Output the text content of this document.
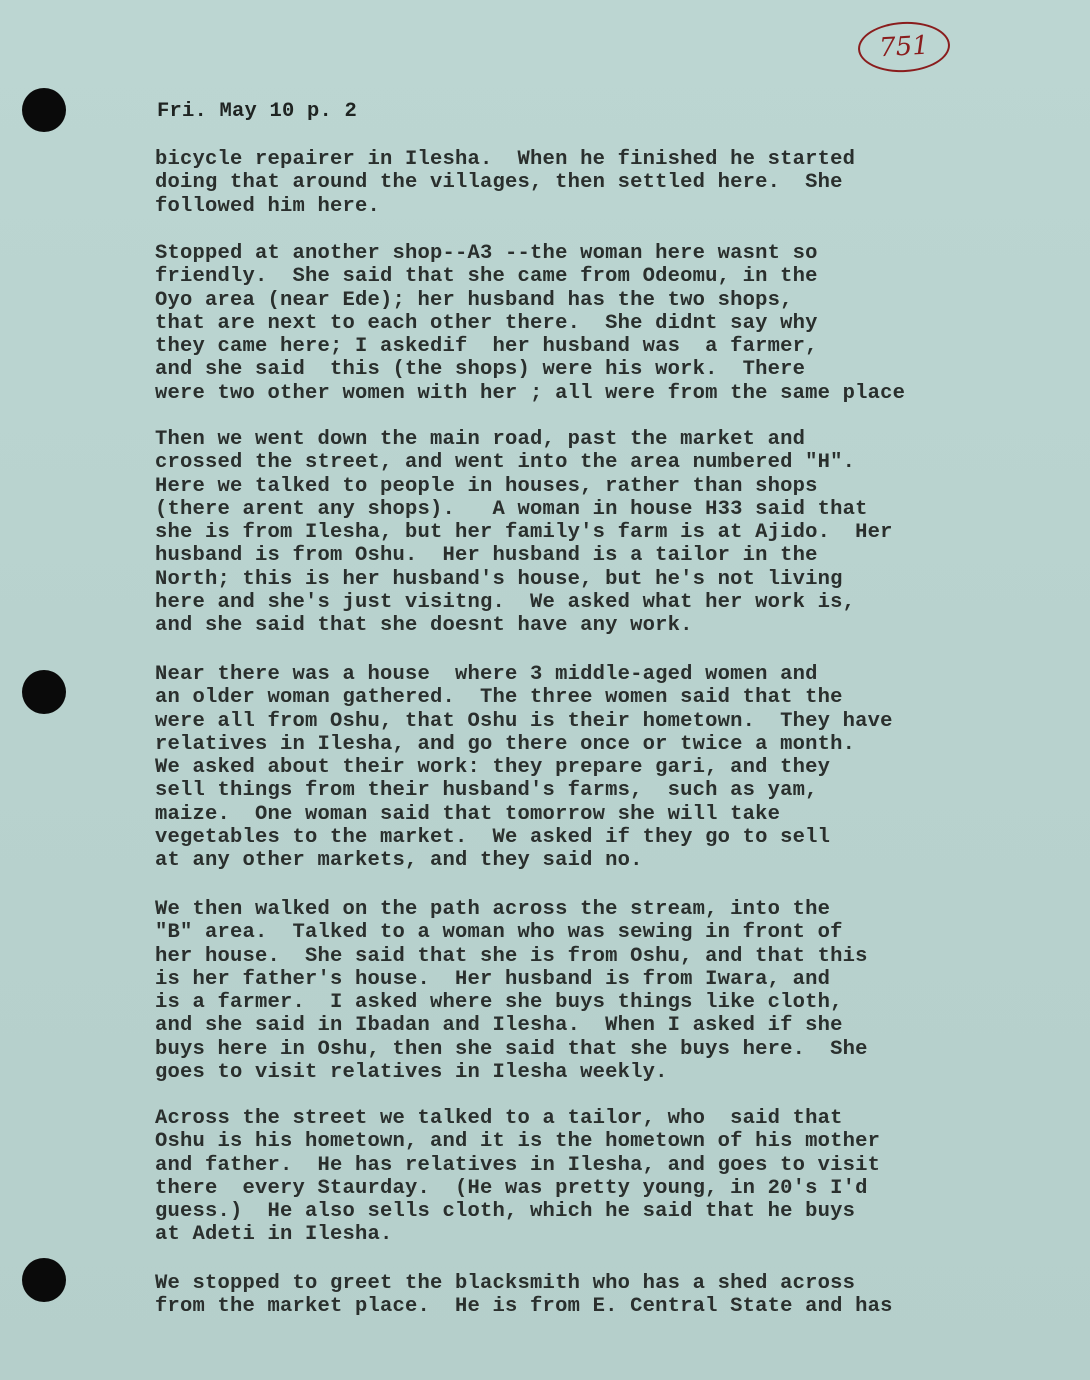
751
Fri. May 10 p. 2
bicycle repairer in Ilesha.  When he finished he started
doing that around the villages, then settled here.  She
followed him here.
Stopped at another shop--A3 --the woman here wasnt so
friendly.  She said that she came from Odeomu, in the
Oyo area (near Ede); her husband has the two shops,
that are next to each other there.  She didnt say why
they came here; I askedif  her husband was  a farmer,
and she said  this (the shops) were his work.  There
were two other women with her ; all were from the same place
Then we went down the main road, past the market and
crossed the street, and went into the area numbered "H".
Here we talked to people in houses, rather than shops
(there arent any shops).   A woman in house H33 said that
she is from Ilesha, but her family's farm is at Ajido.  Her
husband is from Oshu.  Her husband is a tailor in the
North; this is her husband's house, but he's not living
here and she's just visitng.  We asked what her work is,
and she said that she doesnt have any work.
Near there was a house  where 3 middle-aged women and
an older woman gathered.  The three women said that the
were all from Oshu, that Oshu is their hometown.  They have
relatives in Ilesha, and go there once or twice a month.
We asked about their work: they prepare gari, and they
sell things from their husband's farms,  such as yam,
maize.  One woman said that tomorrow she will take
vegetables to the market.  We asked if they go to sell
at any other markets, and they said no.
We then walked on the path across the stream, into the
"B" area.  Talked to a woman who was sewing in front of
her house.  She said that she is from Oshu, and that this
is her father's house.  Her husband is from Iwara, and
is a farmer.  I asked where she buys things like cloth,
and she said in Ibadan and Ilesha.  When I asked if she
buys here in Oshu, then she said that she buys here.  She
goes to visit relatives in Ilesha weekly.
Across the street we talked to a tailor, who  said that
Oshu is his hometown, and it is the hometown of his mother
and father.  He has relatives in Ilesha, and goes to visit
there  every Staurday.  (He was pretty young, in 20's I'd
guess.)  He also sells cloth, which he said that he buys
at Adeti in Ilesha.
We stopped to greet the blacksmith who has a shed across
from the market place.  He is from E. Central State and has
